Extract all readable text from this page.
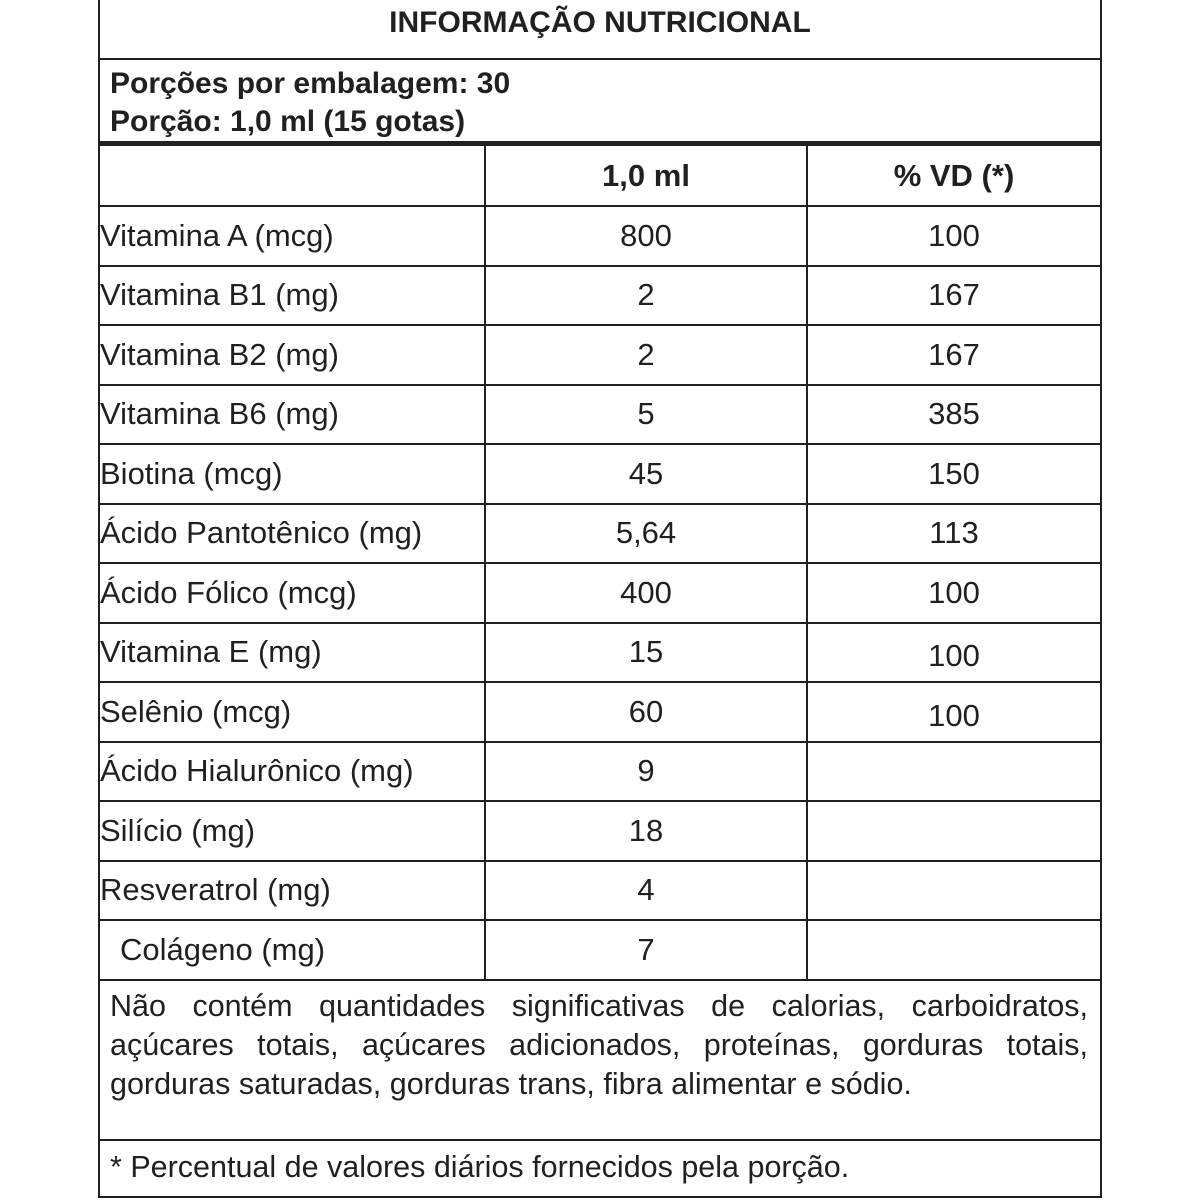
INFORMAÇÃO NUTRICIONAL
Porções por embalagem: 30
Porção: 1,0 ml (15 gotas)
	1,0 ml	% VD (*)
Vitamina A (mcg)	800	100
Vitamina B1 (mg)	2	167
Vitamina B2 (mg)	2	167
Vitamina B6 (mg)	5	385
Biotina (mcg)	45	150
Ácido Pantotênico (mg)	5,64	113
Ácido Fólico (mcg)	400	100
Vitamina E (mg)	15	100
Selênio (mcg)	60	100
Ácido Hialurônico (mg)	9	
Silício (mg)	18	
Resveratrol (mg)	4	
Colágeno (mg)	7	
Não contém quantidades significativas de calorias, carboidratos, açúcares totais, açúcares adicionados, proteínas, gorduras totais, gorduras saturadas, gorduras trans, fibra alimentar e sódio.
* Percentual de valores diários fornecidos pela porção.
